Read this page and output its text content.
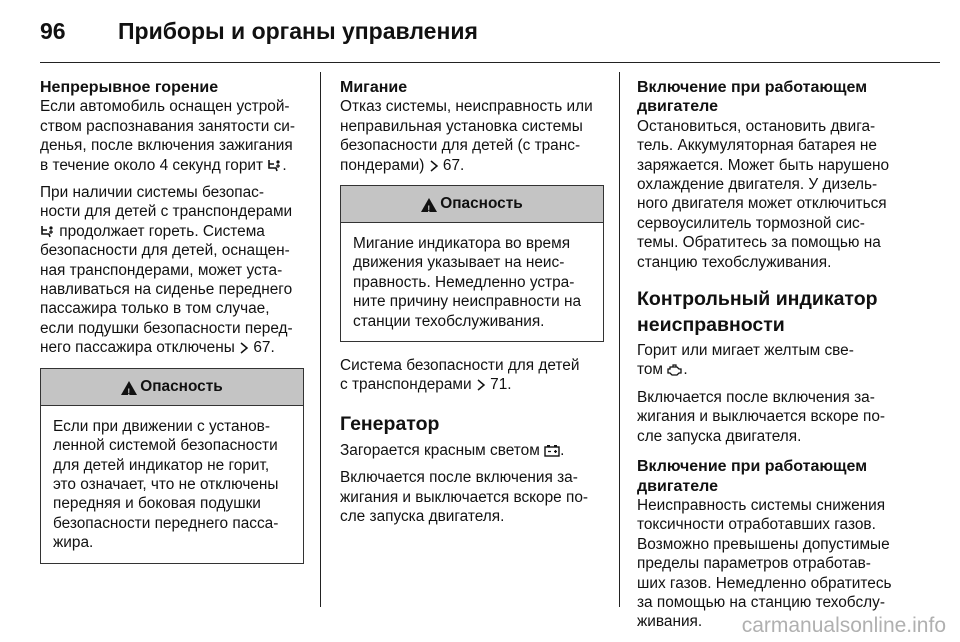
96 Приборы и органы управления
Непрерывное горение
Если автомобиль оснащен устрой-
ством распознавания занятости си-
денья, после включения зажигания
в течение около 4 секунд горит .
При наличии системы безопас-
ности для детей с транспондерами
продолжает гореть. Система
безопасности для детей, оснащен-
ная транспондерами, может уста-
навливаться на сиденье переднего
пассажира только в том случае,
если подушки безопасности перед-
него пассажира отключены 67.
!
Опасность
Если при движении с установ-
ленной системой безопасности
для детей индикатор не горит,
это означает, что не отключены
передняя и боковая подушки
безопасности переднего пасса-
жира.
Мигание
Отказ системы, неисправность или
неправильная установка системы
безопасности для детей (с транс-
пондерами) 67.
!
Опасность
Мигание индикатора во время
движения указывает на неис-
правность. Немедленно устра-
ните причину неисправности на
станции техобслуживания.
Система безопасности для детей
с транспондерами 71.
Генератор
Загорается красным светом .
Включается после включения за-
жигания и выключается вскоре по-
сле запуска двигателя.
Включение при работающем
двигателе
Остановиться, остановить двига-
тель. Аккумуляторная батарея не
заряжается. Может быть нарушено
охлаждение двигателя. У дизель-
ного двигателя может отключиться
сервоусилитель тормозной сис-
темы. Обратитесь за помощью на
станцию техобслуживания.
Контрольный индикатор
неисправности
Горит или мигает желтым све-
том .
Включается после включения за-
жигания и выключается вскоре по-
сле запуска двигателя.
Включение при работающем
двигателе
Неисправность системы снижения
токсичности отработавших газов.
Возможно превышены допустимые
пределы параметров отработав-
ших газов. Немедленно обратитесь
за помощью на станцию техобслу-
живания.	carmanualsonline.info
